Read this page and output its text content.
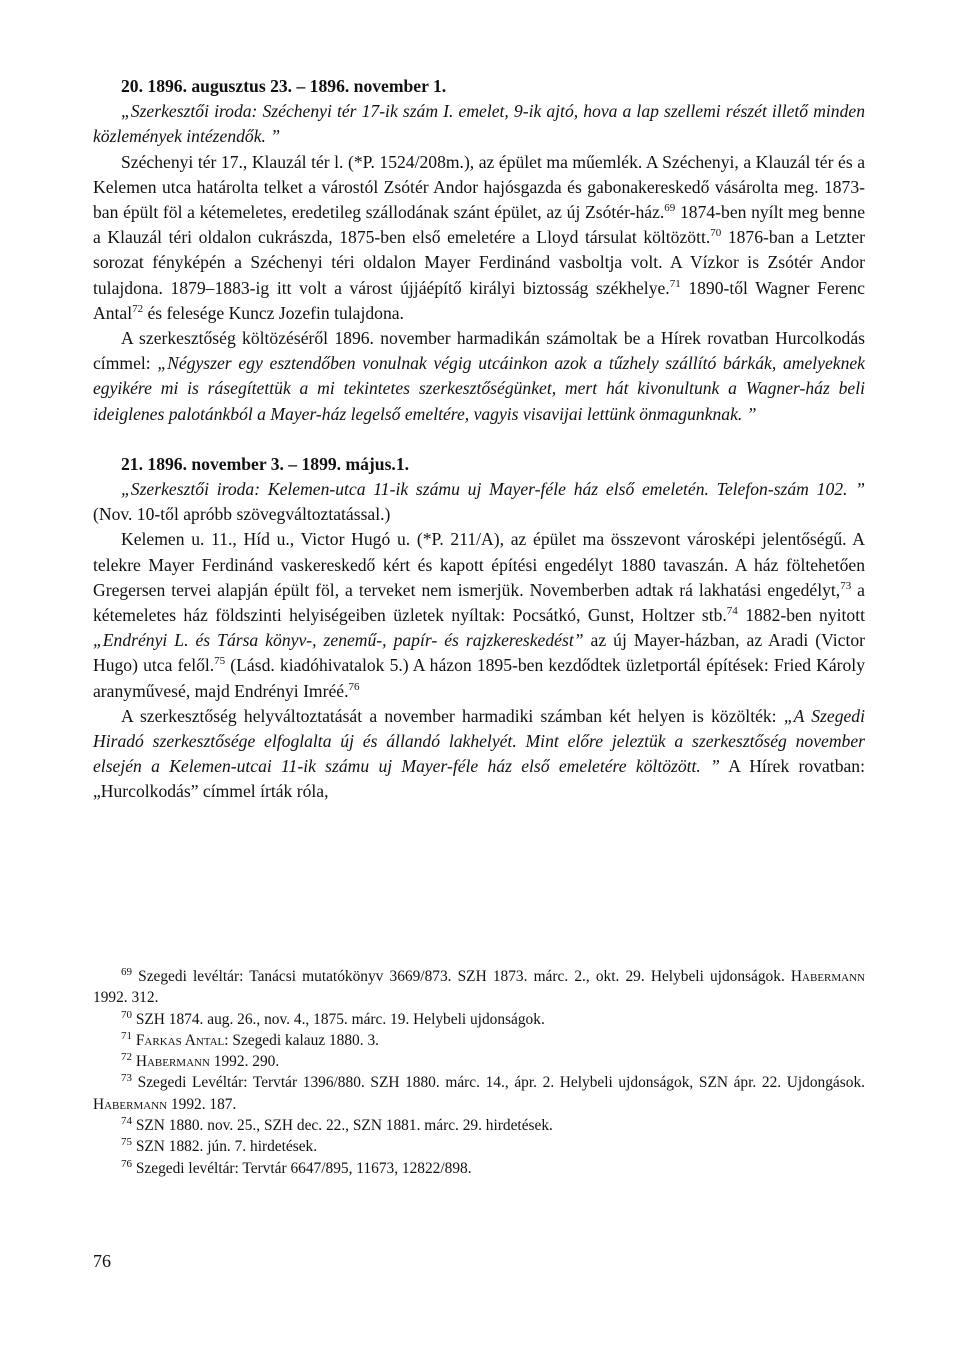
20. 1896. augusztus 23. – 1896. november 1.

„Szerkesztői iroda: Széchenyi tér 17-ik szám I. emelet, 9-ik ajtó, hova a lap szellemi részét illető minden közlemények intézendők. ”

Széchenyi tér 17., Klauzál tér l. (*P. 1524/208m.), az épület ma műemlék. A Széchenyi, a Klauzál tér és a Kelemen utca határolta telket a várostól Zsótér Andor hajósgazda és gabonakereskedő vásárolta meg. 1873-ban épült föl a kétemeletes, eredetileg szállodának szánt épület, az új Zsótér-ház.$^{69}$ 1874-ben nyílt meg benne a Klauzál téri oldalon cukrászda, 1875-ben első emeletére a Lloyd társulat költözött.$^{70}$ 1876-ban a Letzter sorozat fényképén a Széchenyi téri oldalon Mayer Ferdinánd vasboltja volt. A Vízkor is Zsótér Andor tulajdona. 1879–1883-ig itt volt a várost újjáépítő királyi biztosság székhelye.$^{71}$ 1890-től Wagner Ferenc Antal$^{72}$ és felesége Kuncz Jozefin tulajdona.

A szerkesztőség költözéséről 1896. november harmadikán számoltak be a Hírek rovatban Hurcolkodás címmel: „Négyszer egy esztendőben vonulnak végig utcáinkon azok a tűzhely szállító bárkák, amelyeknek egyikére mi is rásegítettük a mi tekintetes szerkesztőségünket, mert hát kivonultunk a Wagner-ház beli ideiglenes palotánkból a Mayer-ház legelső emeltére, vagyis visavijai lettünk önmagunknak. ”

21. 1896. november 3. – 1899. május.1.

„Szerkesztői iroda: Kelemen-utca 11-ik számu uj Mayer-féle ház első emeletén. Telefon-szám 102. ” (Nov. 10-től apróbb szövegváltoztatással.)

Kelemen u. 11., Híd u., Victor Hugó u. (*P. 211/A), az épület ma összevont városképi jelentőségű. A telekre Mayer Ferdinánd vaskereskedő kért és kapott építési engedélyt 1880 tavaszán. A ház föltehetően Gregersen tervei alapján épült föl, a terveket nem ismerjük. Novemberben adtak rá lakhatási engedélyt,$^{73}$ a kétemeletes ház földszinti helyiségeiben üzletek nyíltak: Pocsátkó, Gunst, Holtzer stb.$^{74}$ 1882-ben nyitott „Endrényi L. és Társa könyv-, zenemű-, papír- és rajzkereskedést” az új Mayer-házban, az Aradi (Victor Hugo) utca felől.$^{75}$ (Lásd. kiadóhivatalok 5.) A házon 1895-ben kezdődtek üzletportál építések: Fried Károly aranyművesé, majd Endrényi Imréé.$^{76}$

A szerkesztőség helyváltoztatását a november harmadiki számban két helyen is közölték: „A Szegedi Hiradó szerkesztősége elfoglalta új és állandó lakhelyét. Mint előre jeleztük a szerkesztőség november elsején a Kelemen-utcai 11-ik számu uj Mayer-féle ház első emeletére költözött. ” A Hírek rovatban: „Hurcolkodás” címmel írták róla,

$^{69}$ Szegedi levéltár: Tanácsi mutatókönyv 3669/873. SZH 1873. márc. 2., okt. 29. Helybeli ujdonságok. Habermann 1992. 312.

$^{70}$ SZH 1874. aug. 26., nov. 4., 1875. márc. 19. Helybeli ujdonságok.

$^{71}$ Farkas Antal: Szegedi kalauz 1880. 3.

$^{72}$ Habermann 1992. 290.

$^{73}$ Szegedi Levéltár: Tervtár 1396/880. SZH 1880. márc. 14., ápr. 2. Helybeli ujdonságok, SZN ápr. 22. Ujdongások. Habermann 1992. 187.

$^{74}$ SZN 1880. nov. 25., SZH dec. 22., SZN 1881. márc. 29. hirdetések.

$^{75}$ SZN 1882. jún. 7. hirdetések.

$^{76}$ Szegedi levéltár: Tervtár 6647/895, 11673, 12822/898.

76
